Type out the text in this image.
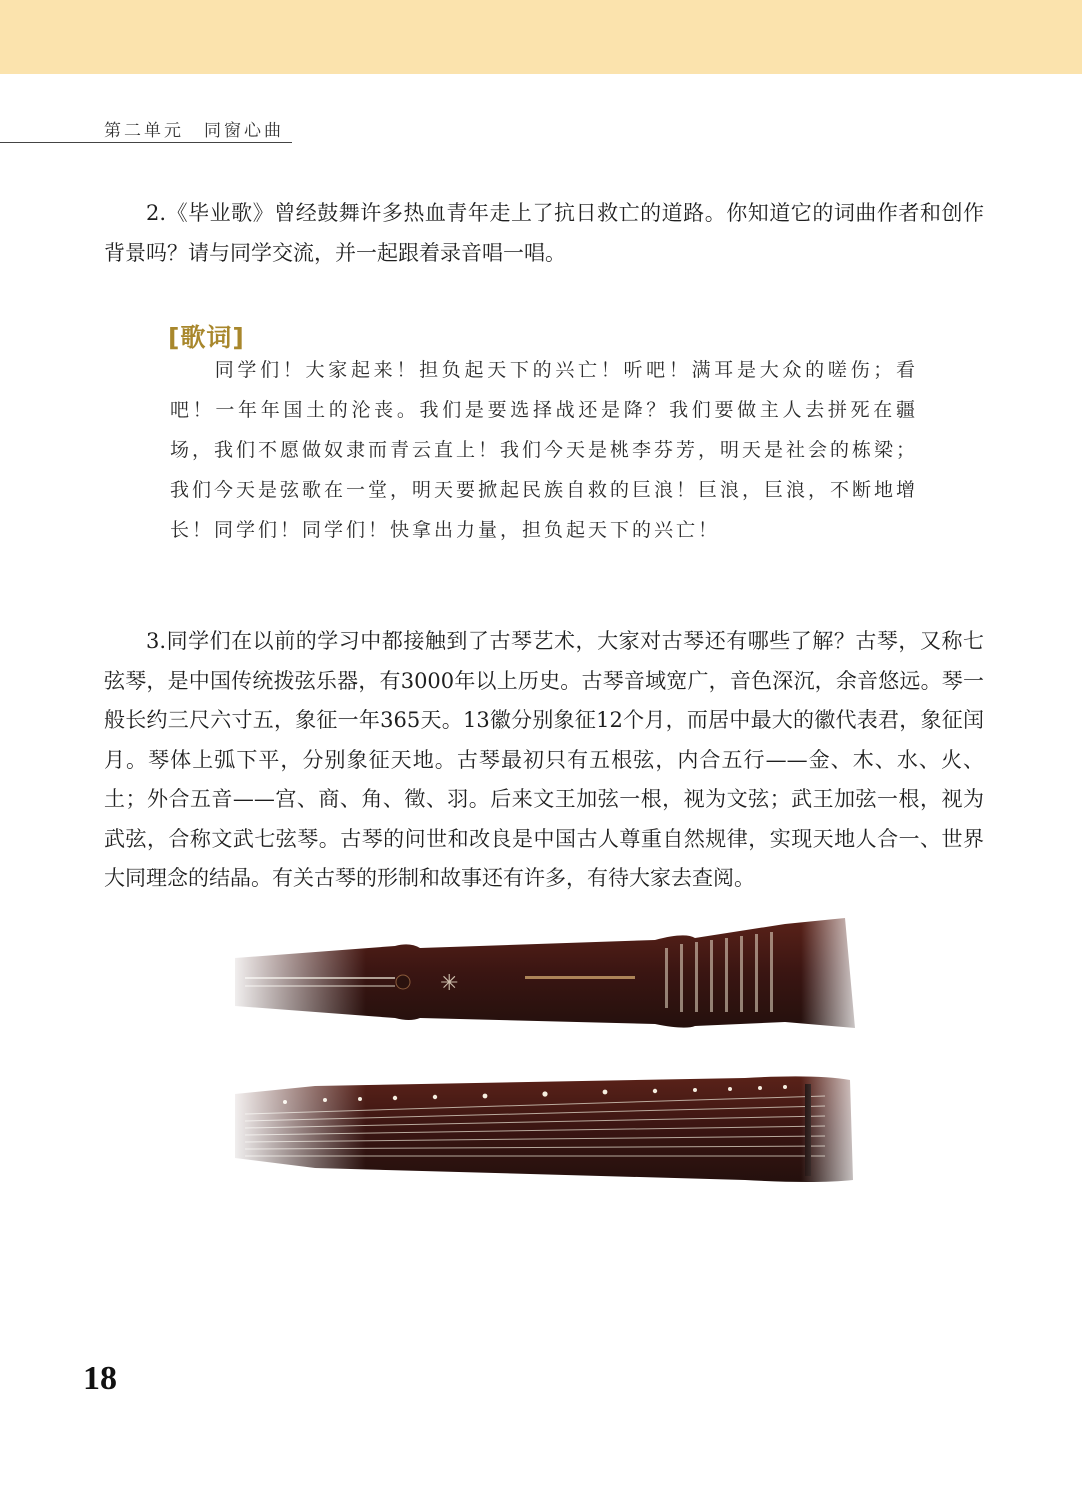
第二单元　同窗心曲

2.《毕业歌》曾经鼓舞许多热血青年走上了抗日救亡的道路。你知道它的词曲作者和创作背景吗？请与同学交流，并一起跟着录音唱一唱。

[歌词]

同学们！大家起来！担负起天下的兴亡！听吧！满耳是大众的嗟伤；看吧！一年年国土的沦丧。我们是要选择战还是降？我们要做主人去拼死在疆场，我们不愿做奴隶而青云直上！我们今天是桃李芬芳，明天是社会的栋梁；我们今天是弦歌在一堂，明天要掀起民族自救的巨浪！巨浪，巨浪，不断地增长！同学们！同学们！快拿出力量，担负起天下的兴亡！

3.同学们在以前的学习中都接触到了古琴艺术，大家对古琴还有哪些了解？古琴，又称七弦琴，是中国传统拨弦乐器，有3000年以上历史。古琴音域宽广，音色深沉，余音悠远。琴一般长约三尺六寸五，象征一年365天。13徽分别象征12个月，而居中最大的徽代表君，象征闰月。琴体上弧下平，分别象征天地。古琴最初只有五根弦，内合五行——金、木、水、火、土；外合五音——宫、商、角、徵、羽。后来文王加弦一根，视为文弦；武王加弦一根，视为武弦，合称文武七弦琴。古琴的问世和改良是中国古人尊重自然规律，实现天地人合一、世界大同理念的结晶。有关古琴的形制和故事还有许多，有待大家去查阅。

18
